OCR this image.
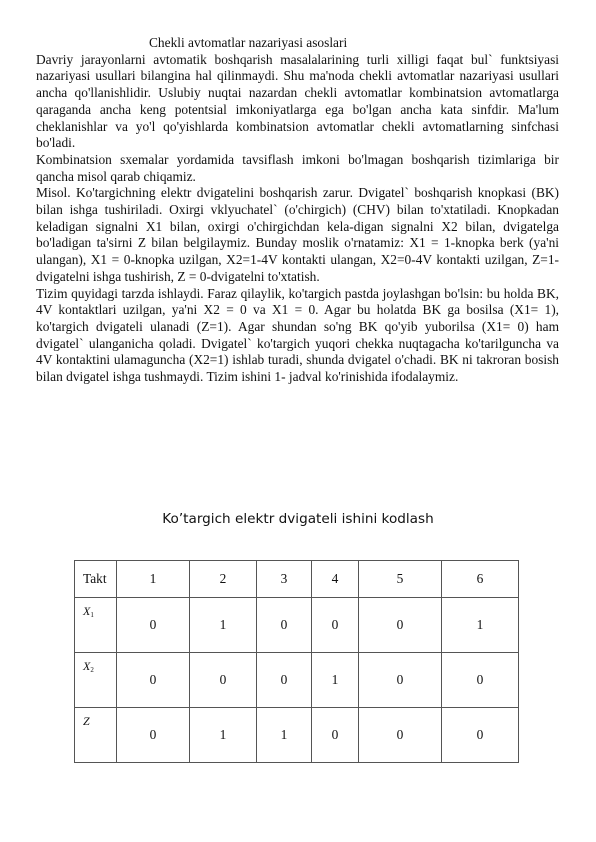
Chekli avtomatlar nazariyasi asoslari

Davriy jarayonlarni avtomatik boshqarish masalalarining turli xilligi faqat bul` funktsiyasi nazariyasi usullari bilangina hal qilinmaydi. Shu ma'noda chekli avtomatlar nazariyasi usullari ancha qo'llanishlidir. Uslubiy nuqtai nazardan chekli avtomatlar kombinatsion avtomatlarga qaraganda ancha keng potentsial imkoniyatlarga ega bo'lgan ancha kata sinfdir. Ma'lum cheklanishlar va yo'l qo'yishlarda kombinatsion avtomatlar chekli avtomatlarning sinfchasi bo'ladi.

Kombinatsion sxemalar yordamida tavsiflash imkoni bo'lmagan boshqarish tizimlariga bir qancha misol qarab chiqamiz.

Misol. Ko'targichning elektr dvigatelini boshqarish zarur. Dvigatel` boshqarish knopkasi (BK) bilan ishga tushiriladi. Oxirgi vklyuchatel` (o'chirgich) (CHV) bilan to'xtatiladi. Knopkadan keladigan signalni X1 bilan, oxirgi o'chirgichdan kela-digan signalni X2 bilan, dvigatelga bo'ladigan ta'sirni Z bilan belgilaymiz. Bunday moslik o'rnatamiz: X1 = 1-knopka berk (ya'ni ulangan), X1 = 0-knopka uzilgan, X2=1-4V kontakti ulangan, X2=0-4V kontakti uzilgan, Z=1-dvigatelni ishga tushirish, Z = 0-dvigatelni to'xtatish.

Tizim quyidagi tarzda ishlaydi. Faraz qilaylik, ko'targich pastda joylashgan bo'lsin: bu holda BK, 4V kontaktlari uzilgan, ya'ni X2 = 0 va X1 = 0. Agar bu holatda BK ga bosilsa (X1= 1), ko'targich dvigateli ulanadi (Z=1). Agar shundan so'ng BK qo'yib yuborilsa (X1= 0) ham dvigatel` ulanganicha qoladi. Dvigatel` ko'targich yuqori chekka nuqtagacha ko'tarilguncha va 4V kontaktini ulamaguncha (X2=1) ishlab turadi, shunda dvigatel o'chadi. BK ni takroran bosish bilan dvigatel ishga tushmaydi. Tizim ishini 1- jadval ko'rinishida ifodalaymiz.

Ko’targich elektr dvigateli ishini kodlash
Takt	1	2	3	4	5	6
$X_1$	0	1	0	0	0	1
$X_2$	0	0	0	1	0	0
Z	0	1	1	0	0	0
